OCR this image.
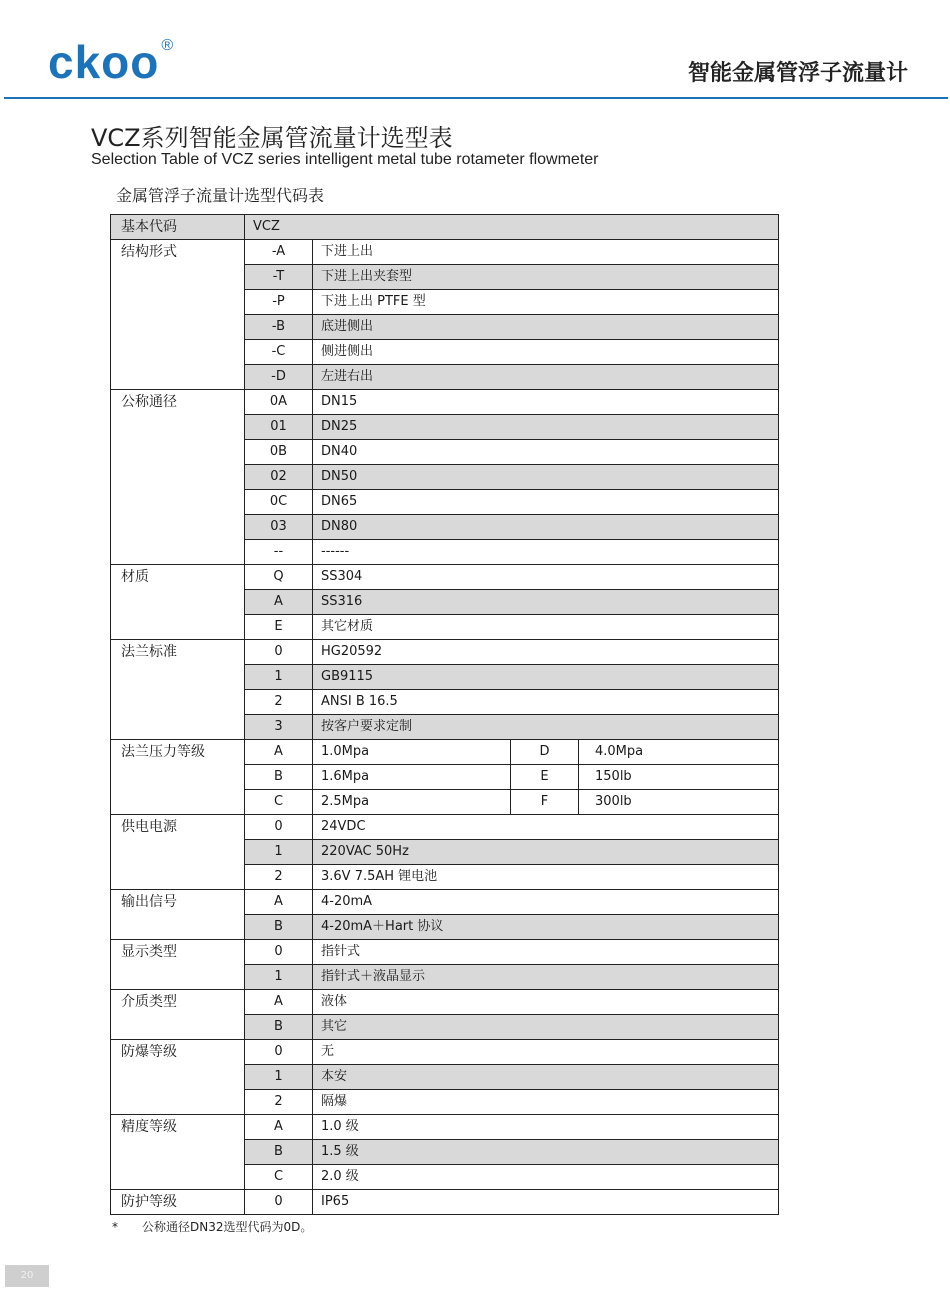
ckoo ®
智能金属管浮子流量计
VCZ系列智能金属管流量计选型表
Selection Table of VCZ series intelligent metal tube rotameter flowmeter
金属管浮子流量计选型代码表
基本代码	VCZ			
结构形式	-A	下进上出		
	-T	下进上出夹套型		
	-P	下进上出 PTFE 型		
	-B	底进侧出		
	-C	侧进侧出		
	-D	左进右出		
公称通径	0A	DN15		
	01	DN25		
	0B	DN40		
	02	DN50		
	0C	DN65		
	03	DN80		
	--	------		
材质	Q	SS304		
	A	SS316		
	E	其它材质		
法兰标准	0	HG20592		
	1	GB9115		
	2	ANSI B 16.5		
	3	按客户要求定制		
法兰压力等级	A	1.0Mpa	D	4.0Mpa
	B	1.6Mpa	E	150lb
	C	2.5Mpa	F	300lb
供电电源	0	24VDC		
	1	220VAC 50Hz		
	2	3.6V 7.5AH 锂电池		
输出信号	A	4-20mA		
	B	4-20mA＋Hart 协议		
显示类型	0	指针式		
	1	指针式＋液晶显示		
介质类型	A	液体		
	B	其它		
防爆等级	0	无		
	1	本安		
	2	隔爆		
精度等级	A	1.0 级		
	B	1.5 级		
	C	2.0 级		
防护等级	0	IP65		
* 公称通径DN32选型代码为0D。
20
